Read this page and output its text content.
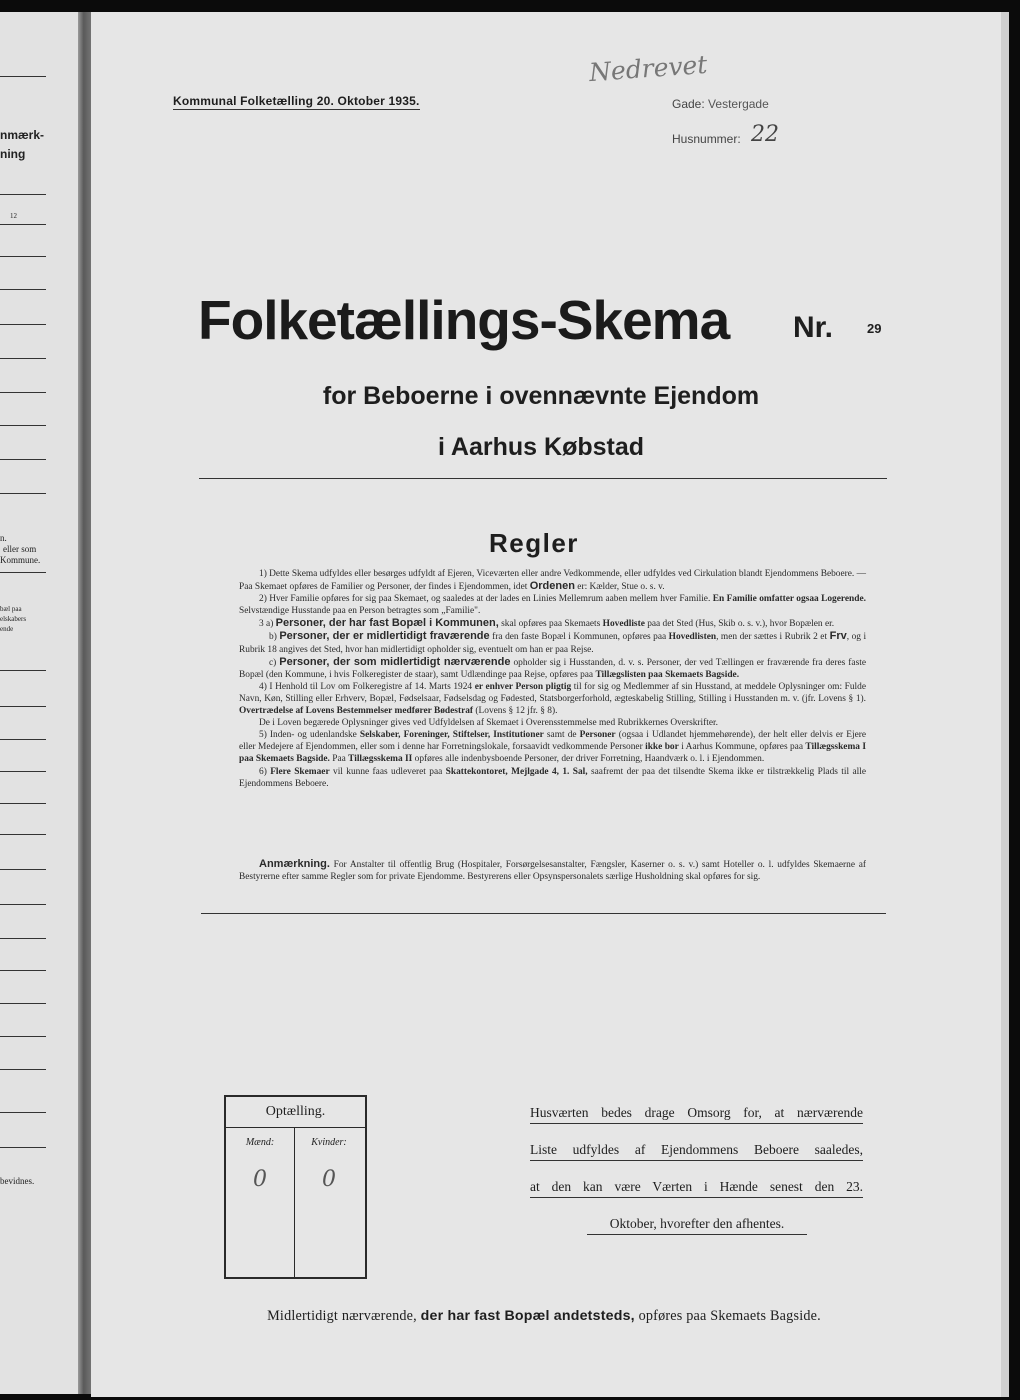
nmærk-
ning
12
n.
eller som
Kommune.
bæl paa
elskabers
ende
bevidnes.
Nedrevet
Kommunal Folketælling 20. Oktober 1935.	Gade: Vestergade
Husnummer: 22
Folketællings-Skema Nr.	29
for Beboerne i ovennævnte Ejendom
i Aarhus Købstad
Regler

1) Dette Skema udfyldes eller besørges udfyldt af Ejeren, Viceværten eller andre Vedkommende, eller udfyldes ved Cirkulation blandt Ejendommens Beboere. — Paa Skemaet opføres de Familier og Personer, der findes i Ejendommen, idet Ordenen er: Kælder, Stue o. s. v.

2) Hver Familie opføres for sig paa Skemaet, og saaledes at der lades en Linies Mellemrum aaben mellem hver Familie. En Familie omfatter ogsaa Logerende. Selvstændige Husstande paa en Person betragtes som „Familie".

3 a) Personer, der har fast Bopæl i Kommunen, skal opføres paa Skemaets Hovedliste paa det Sted (Hus, Skib o. s. v.), hvor Bopælen er.

b) Personer, der er midlertidigt fraværende fra den faste Bopæl i Kommunen, opføres paa Hovedlisten, men der sættes i Rubrik 2 et Frv, og i Rubrik 18 angives det Sted, hvor han midlertidigt opholder sig, eventuelt om han er paa Rejse.

c) Personer, der som midlertidigt nærværende opholder sig i Husstanden, d. v. s. Personer, der ved Tællingen er fraværende fra deres faste Bopæl (den Kommune, i hvis Folkeregister de staar), samt Udlændinge paa Rejse, opføres paa Tillægslisten paa Skemaets Bagside.

4) I Henhold til Lov om Folkeregistre af 14. Marts 1924 er enhver Person pligtig til for sig og Medlemmer af sin Husstand, at meddele Oplysninger om: Fulde Navn, Køn, Stilling eller Erhverv, Bopæl, Fødselsaar, Fødselsdag og Fødested, Statsborgerforhold, ægteskabelig Stilling, Stilling i Husstanden m. v. (jfr. Lovens § 1). Overtrædelse af Lovens Bestemmelser medfører Bødestraf (Lovens § 12 jfr. § 8).

De i Loven begærede Oplysninger gives ved Udfyldelsen af Skemaet i Overensstemmelse med Rubrikkernes Overskrifter.

5) Inden- og udenlandske Selskaber, Foreninger, Stiftelser, Institutioner samt de Personer (ogsaa i Udlandet hjemmehørende), der helt eller delvis er Ejere eller Medejere af Ejendommen, eller som i denne har Forretningslokale, forsaavidt vedkommende Personer ikke bor i Aarhus Kommune, opføres paa Tillægsskema I paa Skemaets Bagside. Paa Tillægsskema II opføres alle indenbysboende Personer, der driver Forretning, Haandværk o. l. i Ejendommen.

6) Flere Skemaer vil kunne faas udleveret paa Skattekontoret, Mejlgade 4, 1. Sal, saafremt der paa det tilsendte Skema ikke er tilstrækkelig Plads til alle Ejendommens Beboere.

Anmærkning. For Anstalter til offentlig Brug (Hospitaler, Forsørgelsesanstalter, Fængsler, Kaserner o. s. v.) samt Hoteller o. l. udfyldes Skemaerne af Bestyrerne efter samme Regler som for private Ejendomme. Bestyrerens eller Opsynspersonalets særlige Husholdning skal opføres for sig.

Optælling.
Mænd:	Kvinder:
0	0
Husværten bedes drage Omsorg for, at nærværende
Liste udfyldes af Ejendommens Beboere saaledes,
at den kan være Værten i Hænde senest den 23.
Oktober, hvorefter den afhentes.
Midlertidigt nærværende, der har fast Bopæl andetsteds, opføres paa Skemaets Bagside.
